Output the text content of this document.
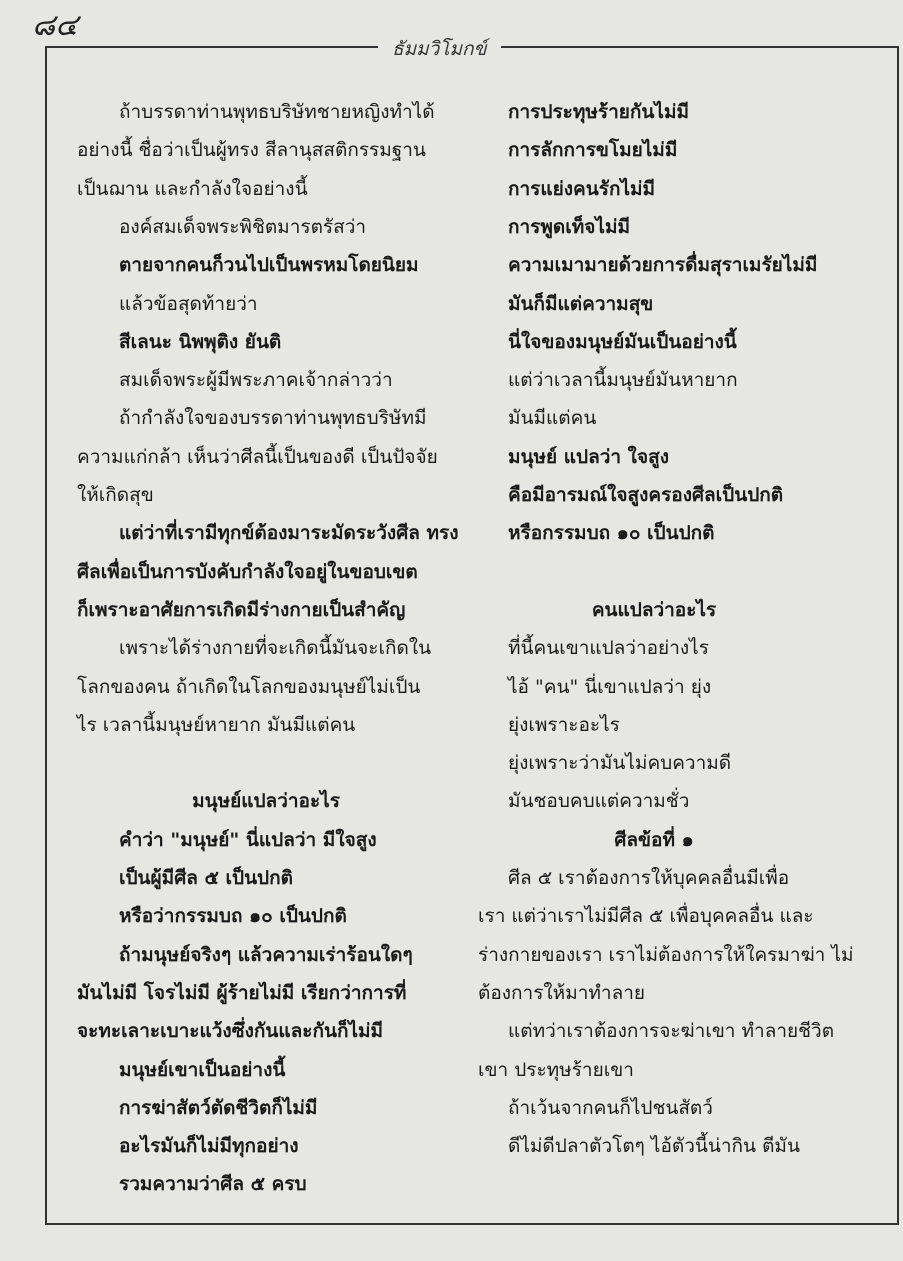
๘๔
ธัมมวิโมกข์
ถ้าบรรดาท่านพุทธบริษัทชายหญิงทำได้
อย่างนี้ ชื่อว่าเป็นผู้ทรง สีลานุสสติกรรมฐาน
เป็นฌาน และกำลังใจอย่างนี้
องค์สมเด็จพระพิชิตมารตรัสว่า
ตายจากคนก็วนไปเป็นพรหมโดยนิยม
แล้วข้อสุดท้ายว่า
สีเลนะ นิพพุติง ยันติ
สมเด็จพระผู้มีพระภาคเจ้ากล่าวว่า
ถ้ากำลังใจของบรรดาท่านพุทธบริษัทมี
ความแก่กล้า เห็นว่าศีลนี้เป็นของดี เป็นปัจจัย
ให้เกิดสุข
แต่ว่าที่เรามีทุกข์ต้องมาระมัดระวังศีล ทรง
ศีลเพื่อเป็นการบังคับกำลังใจอยู่ในขอบเขต
ก็เพราะอาศัยการเกิดมีร่างกายเป็นสำคัญ
เพราะได้ร่างกายที่จะเกิดนี้มันจะเกิดใน
โลกของคน ถ้าเกิดในโลกของมนุษย์ไม่เป็น
ไร เวลานี้มนุษย์หายาก มันมีแต่คน
มนุษย์แปลว่าอะไร
คำว่า "มนุษย์" นี่แปลว่า มีใจสูง
เป็นผู้มีศีล ๕ เป็นปกติ
หรือว่ากรรมบถ ๑๐ เป็นปกติ
ถ้ามนุษย์จริงๆ แล้วความเร่าร้อนใดๆ
มันไม่มี โจรไม่มี ผู้ร้ายไม่มี เรียกว่าการที่
จะทะเลาะเบาะแว้งซึ่งกันและกันก็ไม่มี
มนุษย์เขาเป็นอย่างนี้
การฆ่าสัตว์ตัดชีวิตก็ไม่มี
อะไรมันก็ไม่มีทุกอย่าง
รวมความว่าศีล ๕ ครบ
การประทุษร้ายกันไม่มี
การลักการขโมยไม่มี
การแย่งคนรักไม่มี
การพูดเท็จไม่มี
ความเมามายด้วยการดื่มสุราเมรัยไม่มี
มันก็มีแต่ความสุข
นี่ใจของมนุษย์มันเป็นอย่างนี้
แต่ว่าเวลานี้มนุษย์มันหายาก
มันมีแต่คน
มนุษย์ แปลว่า ใจสูง
คือมีอารมณ์ใจสูงครองศีลเป็นปกติ
หรือกรรมบถ ๑๐ เป็นปกติ
คนแปลว่าอะไร
ที่นี้คนเขาแปลว่าอย่างไร
ไอ้ "คน" นี่เขาแปลว่า ยุ่ง
ยุ่งเพราะอะไร
ยุ่งเพราะว่ามันไม่คบความดี
มันชอบคบแต่ความชั่ว
ศีลข้อที่ ๑
ศีล ๕ เราต้องการให้บุคคลอื่นมีเพื่อ
เรา แต่ว่าเราไม่มีศีล ๕ เพื่อบุคคลอื่น และ
ร่างกายของเรา เราไม่ต้องการให้ใครมาฆ่า ไม่
ต้องการให้มาทำลาย
แต่ทว่าเราต้องการจะฆ่าเขา ทำลายชีวิต
เขา ประทุษร้ายเขา
ถ้าเว้นจากคนก็ไปชนสัตว์
ดีไม่ดีปลาตัวโตๆ ไอ้ตัวนี้น่ากิน ตีมัน
